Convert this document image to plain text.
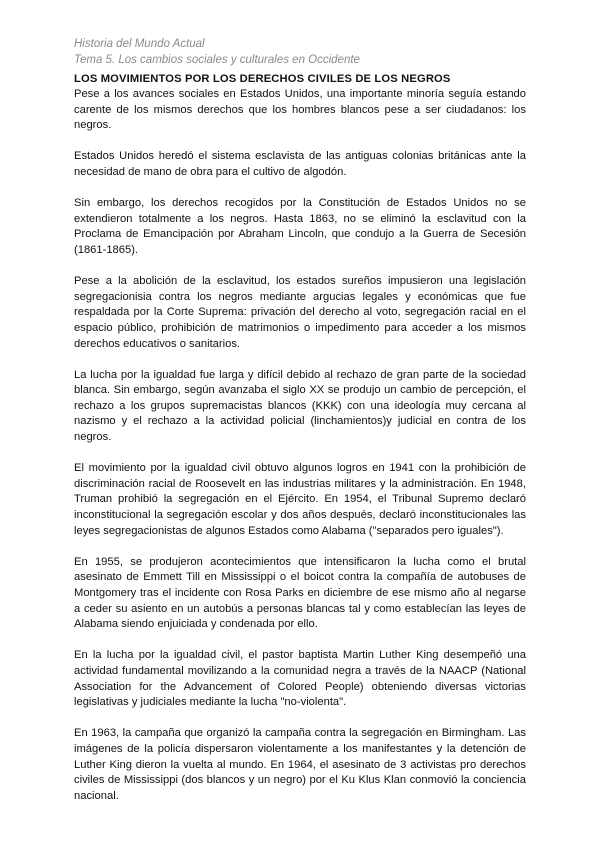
Historia del Mundo Actual
Tema 5. Los cambios sociales y culturales en Occidente

LOS MOVIMIENTOS POR LOS DERECHOS CIVILES DE LOS NEGROS

Pese a los avances sociales en Estados Unidos, una importante minoría seguía estando carente de los mismos derechos que los hombres blancos pese a ser ciudadanos: los negros.

Estados Unidos heredó el sistema esclavista de las antiguas colonias británicas ante la necesidad de mano de obra para el cultivo de algodón.

Sin embargo, los derechos recogidos por la Constitución de Estados Unidos no se extendieron totalmente a los negros. Hasta 1863, no se eliminó la esclavitud con la Proclama de Emancipación por Abraham Lincoln, que condujo a la Guerra de Secesión (1861-1865).

Pese a la abolición de la esclavitud, los estados sureños impusieron una legislación segregacionisia contra los negros mediante argucias legales y económicas que fue respaldada por la Corte Suprema: privación del derecho al voto, segregación racial en el espacio público, prohibición de matrimonios o impedimento para acceder a los mismos derechos educativos o sanitarios.

La lucha por la igualdad fue larga y difícil debido al rechazo de gran parte de la sociedad blanca. Sin embargo, según avanzaba el siglo XX se produjo un cambio de percepción, el rechazo a los grupos supremacistas blancos (KKK) con una ideología muy cercana al nazismo y el rechazo a la actividad policial (linchamientos)y judicial en contra de los negros.

El movimiento por la igualdad civil obtuvo algunos logros en 1941 con la prohibición de discriminación racial de Roosevelt en las industrias militares y la administración. En 1948, Truman prohibió la segregación en el Ejército. En 1954, el Tribunal Supremo declaró inconstitucional la segregación escolar y dos años después, declaró inconstitucionales las leyes segregacionistas de algunos Estados como Alabama ("separados pero iguales").

En 1955, se produjeron acontecimientos que intensificaron la lucha como el brutal asesinato de Emmett Till en Mississippi o el boicot contra la compañía de autobuses de Montgomery tras el incidente con Rosa Parks en diciembre de ese mismo año al negarse a ceder su asiento en un autobús a personas blancas tal y como establecían las leyes de Alabama siendo enjuiciada y condenada por ello.

En la lucha por la igualdad civil, el pastor baptista Martin Luther King desempeñó una actividad fundamental movilizando a la comunidad negra a través de la NAACP (National Association for the Advancement of Colored People) obteniendo diversas victorias legislativas y judiciales mediante la lucha "no-violenta".

En 1963, la campaña que organizó la campaña contra la segregación en Birmingham. Las imágenes de la policía dispersaron violentamente a los manifestantes y la detención de Luther King dieron la vuelta al mundo. En 1964, el asesinato de 3 activistas pro derechos civiles de Mississippi (dos blancos y un negro) por el Ku Klus Klan conmovió la conciencia nacional.
